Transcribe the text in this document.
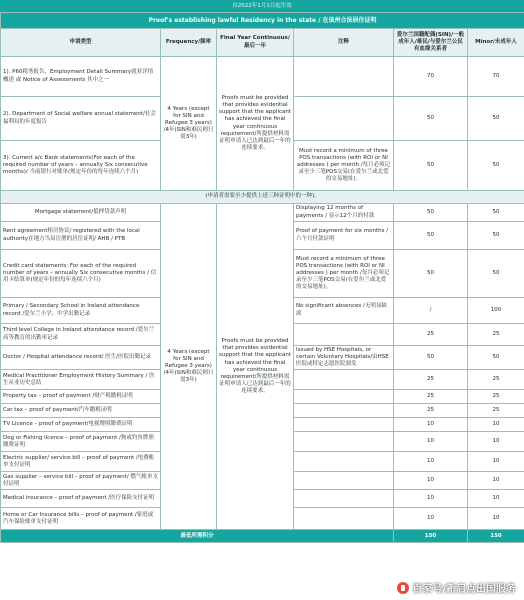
自2022年1月1日起生效
Proof's establishing lawful Residency in the state / 在该州合法居住证明					
申请类型	Frequency/频率	Final Year Continuous/最后一年	注释	爱尔兰国籍配偶(SIN)/一般成年人/难民/与爱尔兰公民有血缘关系者	Minor/未成年人
1). P60税务报告、Employment Detail Summary就业详情概述 或 Notice of Assessments 其中之一	4 Years (except for SIN and Refugee 3 years) /4年(SIN和难民则只需3年)	Proofs must be provided that provides evidential support that the applicant has achieved the final year continuous requirement/所提供材料需证明申请人已达到最后一年的连续要求。		70	70
2). Department of Social welfare annual statement/社会福利局的年度报告				50	50
3). Current a/c Bank statements(For each of the required number of years – annually Six consecutive months)/ 当前银行对账单(规定年份的每年连续六个月)			Must record a minimum of three POS transactions (with ROI or NI addresses ) per month /每月必须记录至少三笔POS交易(在爱尔兰或北爱的交易地址)。	50	50
(申请者需要至少提供上述三种证明中的一种)。					
Mortgage statement/抵押贷款声明	4 Years (except for SIN and Refugee 3 years) /4年(SIN和难民则只需3年)	Proofs must be provided that provides evidential support that the applicant has achieved the final year continuous requirement/所提供材料需证明申请人已达到最后一年的连续要求。	Displaying 12 months of payments / 显示12个月的付款	50	50
Rent agreement租房协议/ registered with the local authority在地方当局注册的居住证明/ AHB / PTB			Proof of payment for six months /六个月付款证明	50	50
Credit card statements: For each of the required number of years – annually Six consecutive months / 信用卡结算单(规定年份的每年连续六个月)			Must record a minimum of three POS transactions (with ROI or NI addresses ) per month /每月必须记录至少三笔POS交易(在爱尔兰或北爱的交易地址)。	50	50
Primary / Secondary School in Ireland attendance record /爱尔兰小学、中学出勤记录			No significant absences /无明显缺席	/	100
Third level College in Ireland attendance record /爱尔兰高等教育的出勤率记录				25	25
Doctor / Hospital attendance record/ 医生/医院出勤记录			Issued by HSE Hospitals, or certain Voluntary Hospitals/由HSE医院或特定志愿医院颁发	50	50
Medical Practitioner Employment History Summary / 医生从业历史总结				25	25
Property tax – proof of payment /财产税缴税证明				25	25
Car tax – proof of payment/汽车缴税证明				25	25
TV Licence – proof of payment/电视牌照缴费证明				10	10
Dog or Fishing licence – proof of payment /狗或钓鱼牌照缴费证明				10	10
Electric supplier/ service bill – proof of payment /电费帐单支付证明				10	10
Gas supplier – service bill – proof of payment/ 燃气帐单支付证明				10	10
Medical insurance – proof of payment /医疗保险支付证明				10	10
Home or Car Insurance bills – proof of payment /家庭或汽车保险账单支付证明				10	10
最低所需积分				150	150
百家号/新启点出国服务
